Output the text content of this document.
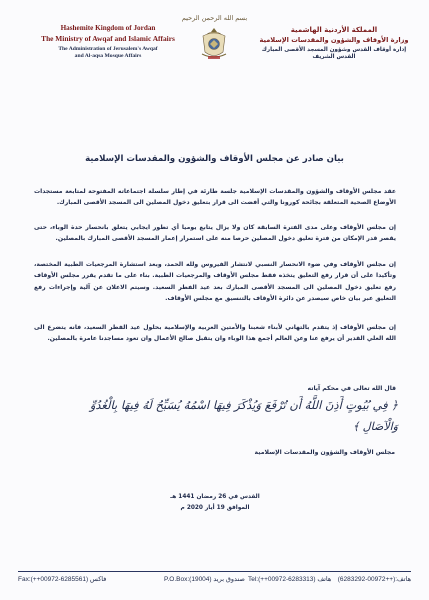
بسم الله الرحمن الرحيم
Hashemite Kingdom of Jordan
The Ministry of Awqaf and Islamic Affairs
The Administration of Jerusalem's Awqaf
and Al-aqsa Mosque Affairs
المملكة الأردنية الهاشمية
وزارة الأوقاف والشؤون والمقدسات الإسلامية
إدارة أوقاف القدس وشؤون المسجد الأقصى المبارك
القدس الشريف
بيان صادر عن مجلس الأوقاف والشؤون والمقدسات الإسلامية
عقد مجلس الأوقاف والشؤون والمقدسات الإسلامية جلسة طارئة في إطار سلسلة اجتماعاته المفتوحة لمتابعة مستجدات الأوضاع الصحية المتعلقة بجائحة كورونا والتي أفضت الى قرار بتعليق دخول المصلين الى المسجد الأقصى المبارك.
إن مجلس الأوقاف وعلى مدى الفترة السابقة كان ولا يزال يتابع يوميا أي تطور ايجابي يتعلق بانحسار حدة الوباء، حتى يقصر قدر الإمكان من فترة تعليق دخول المصلين حرصا منه على استمرار إعمار المسجد الأقصى المبارك بالمصلين.
إن مجلس الأوقاف وفي ضوء الانحسار النسبي لانتشار الفيروس ولله الحمد، وبعد استشارة المرجعيات الطبية المختصة، وتأكيدا على أن قرار رفع التعليق يتخذه فقط مجلس الأوقاف والمرجعيات الطبية. بناء على ما تقدم يقرر مجلس الأوقاف رفع تعليق دخول المصلين الى المسجد الأقصى المبارك بعد عيد الفطر السعيد. وسيتم الاعلان عن آلية وإجراءات رفع التعليق عبر بيان خاص سيصدر عن دائرة الأوقاف بالتنسيق مع مجلس الأوقاف.
إن مجلس الأوقاف إذ يتقدم بالتهاني لأبناء شعبنا والأمتين العربية والإسلامية بحلول عيد الفطر السعيد، فانه يتضرع الى الله العلي القدير أن يرفع عنا وعن العالم أجمع هذا الوباء وان يتقبل صالح الأعمال وان تعود مساجدنا عامرة بالمصلين.
قال الله تعالى في محكم آياته
﴿ فِي بُيُوتٍ أَذِنَ اللَّهُ أَن تُرْفَعَ وَيُذْكَرَ فِيهَا اسْمُهُ يُسَبِّحُ لَهُ فِيهَا بِالْغُدُوِّ
وَالْآصَالِ ﴾
مجلس الأوقاف والشؤون والمقدسات الإسلامية
القدس في 26 رمضان 1441 هـ
الموافق 19 أيار 2020 م
Fax:(++00972-6285561) فاكس	P.O.Box:(19004) صندوق بريد Tel:(++00972-6283313) هاتف هاتف:(++00972-6283292)
